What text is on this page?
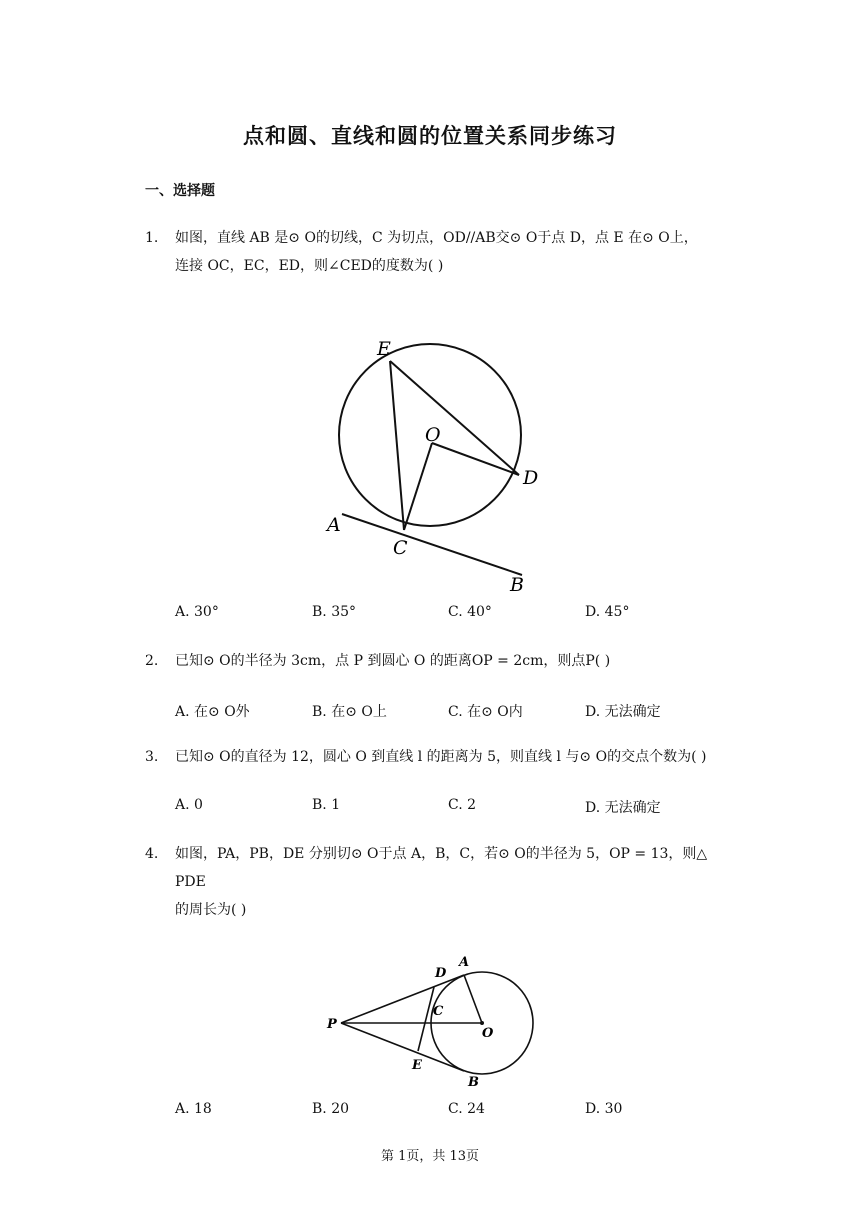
点和圆、直线和圆的位置关系同步练习
一、选择题
1. 如图，直线 AB 是⊙ O的切线，C 为切点，OD//AB交⊙ O于点 D，点 E 在⊙ O上，
连接 OC，EC，ED，则∠CED的度数为( )
E
O
D
A
C
B
A. 30°	B. 35°	C. 40°	D. 45°
2. 已知⊙ O的半径为 3cm，点 P 到圆心 O 的距离OP = 2cm，则点P( )
A. 在⊙ O外	B. 在⊙ O上	C. 在⊙ O内	D. 无法确定
3. 已知⊙ O的直径为 12，圆心 O 到直线 l 的距离为 5，则直线 l 与⊙ O的交点个数为( )
A. 0	B. 1	C. 2	D. 无法确定
4. 如图，PA，PB，DE 分别切⊙ O于点 A，B，C，若⊙ O的半径为 5，OP = 13，则△ PDE
的周长为( )
D
A
P
C
O
E
B
A. 18	B. 20	C. 24	D. 30
第 1页，共 13页
